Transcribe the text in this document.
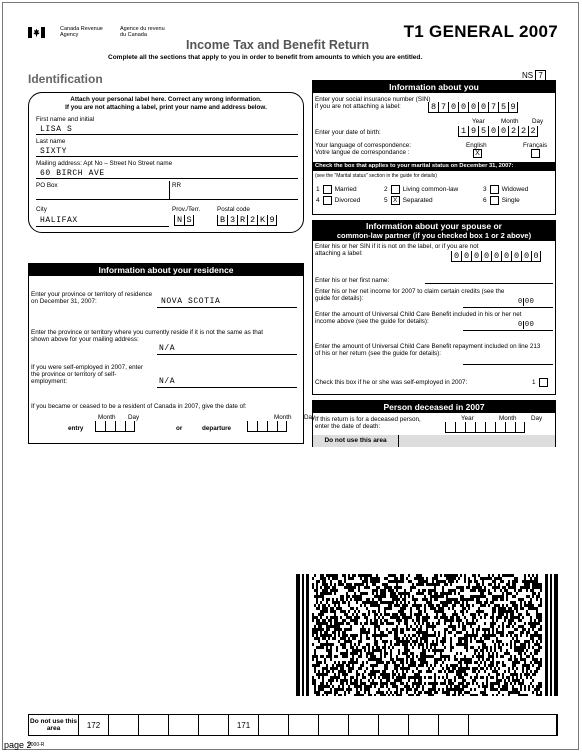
Canada Revenue
Agency
Agence du revenu
du Canada	T1 GENERAL 2007
Income Tax and Benefit Return
Complete all the sections that apply to you in order to benefit from amounts to which you are entitled.
NS 7
Identification
Attach your personal label here. Correct any wrong information.
If you are not attaching a label, print your name and address below.
First name and initial
LISA S
Last name
SIXTY
Mailing address: Apt No – Street No Street name
60 BIRCH AVE
PO Box	RR
City
HALIFAX
Prov./Terr.
N S
Postal code
B 3 R 2 K 9
Information about you
Enter your social insurance number (SIN) if you are not attaching a label:	8 7 0 0 0 0 7 5 9
Year	Month Day
Enter your date of birth:	1 9 5 0 0 2 2 2
Your language of correspondence:
Votre langue de correspondance :
English	Français
X
Check the box that applies to your marital status on December 31, 2007:
(see the "Marital status" section in the guide for details)
1 Married	2 Living common-law	3 Widowed
4 Divorced	5 X Separated	6 Single
Information about your residence
Enter your province or territory of residence on December 31, 2007:	NOVA SCOTIA
Enter the province or territory where you currently reside if it is not the same as that shown above for your mailing address:
N/A
If you were self-employed in 2007, enter the province or territory of self-employment:	N/A
If you became or ceased to be a resident of Canada in 2007, give the date of:
Month Day
entry	or
Month Day
departure
Information about your spouse or
common-law partner (if you checked box 1 or 2 above)
Enter his or her SIN if it is not on the label, or if you are not attaching a label:	0 0 0 0 0 0 0 0 0
Enter his or her first name:
Enter his or her net income for 2007 to claim certain credits (see the guide for details):	0 00
Enter the amount of Universal Child Care Benefit included in his or her net income above (see the guide for details):	0 00
Enter the amount of Universal Child Care Benefit repayment included on line 213 of his or her return (see the guide for details):
Check this box if he or she was self-employed in 2007:	1
Person deceased in 2007
If this return is for a deceased person, enter the date of death:
Year	Month Day
Do not use this area
Do not use this area	172	171
5000-R
page 2
